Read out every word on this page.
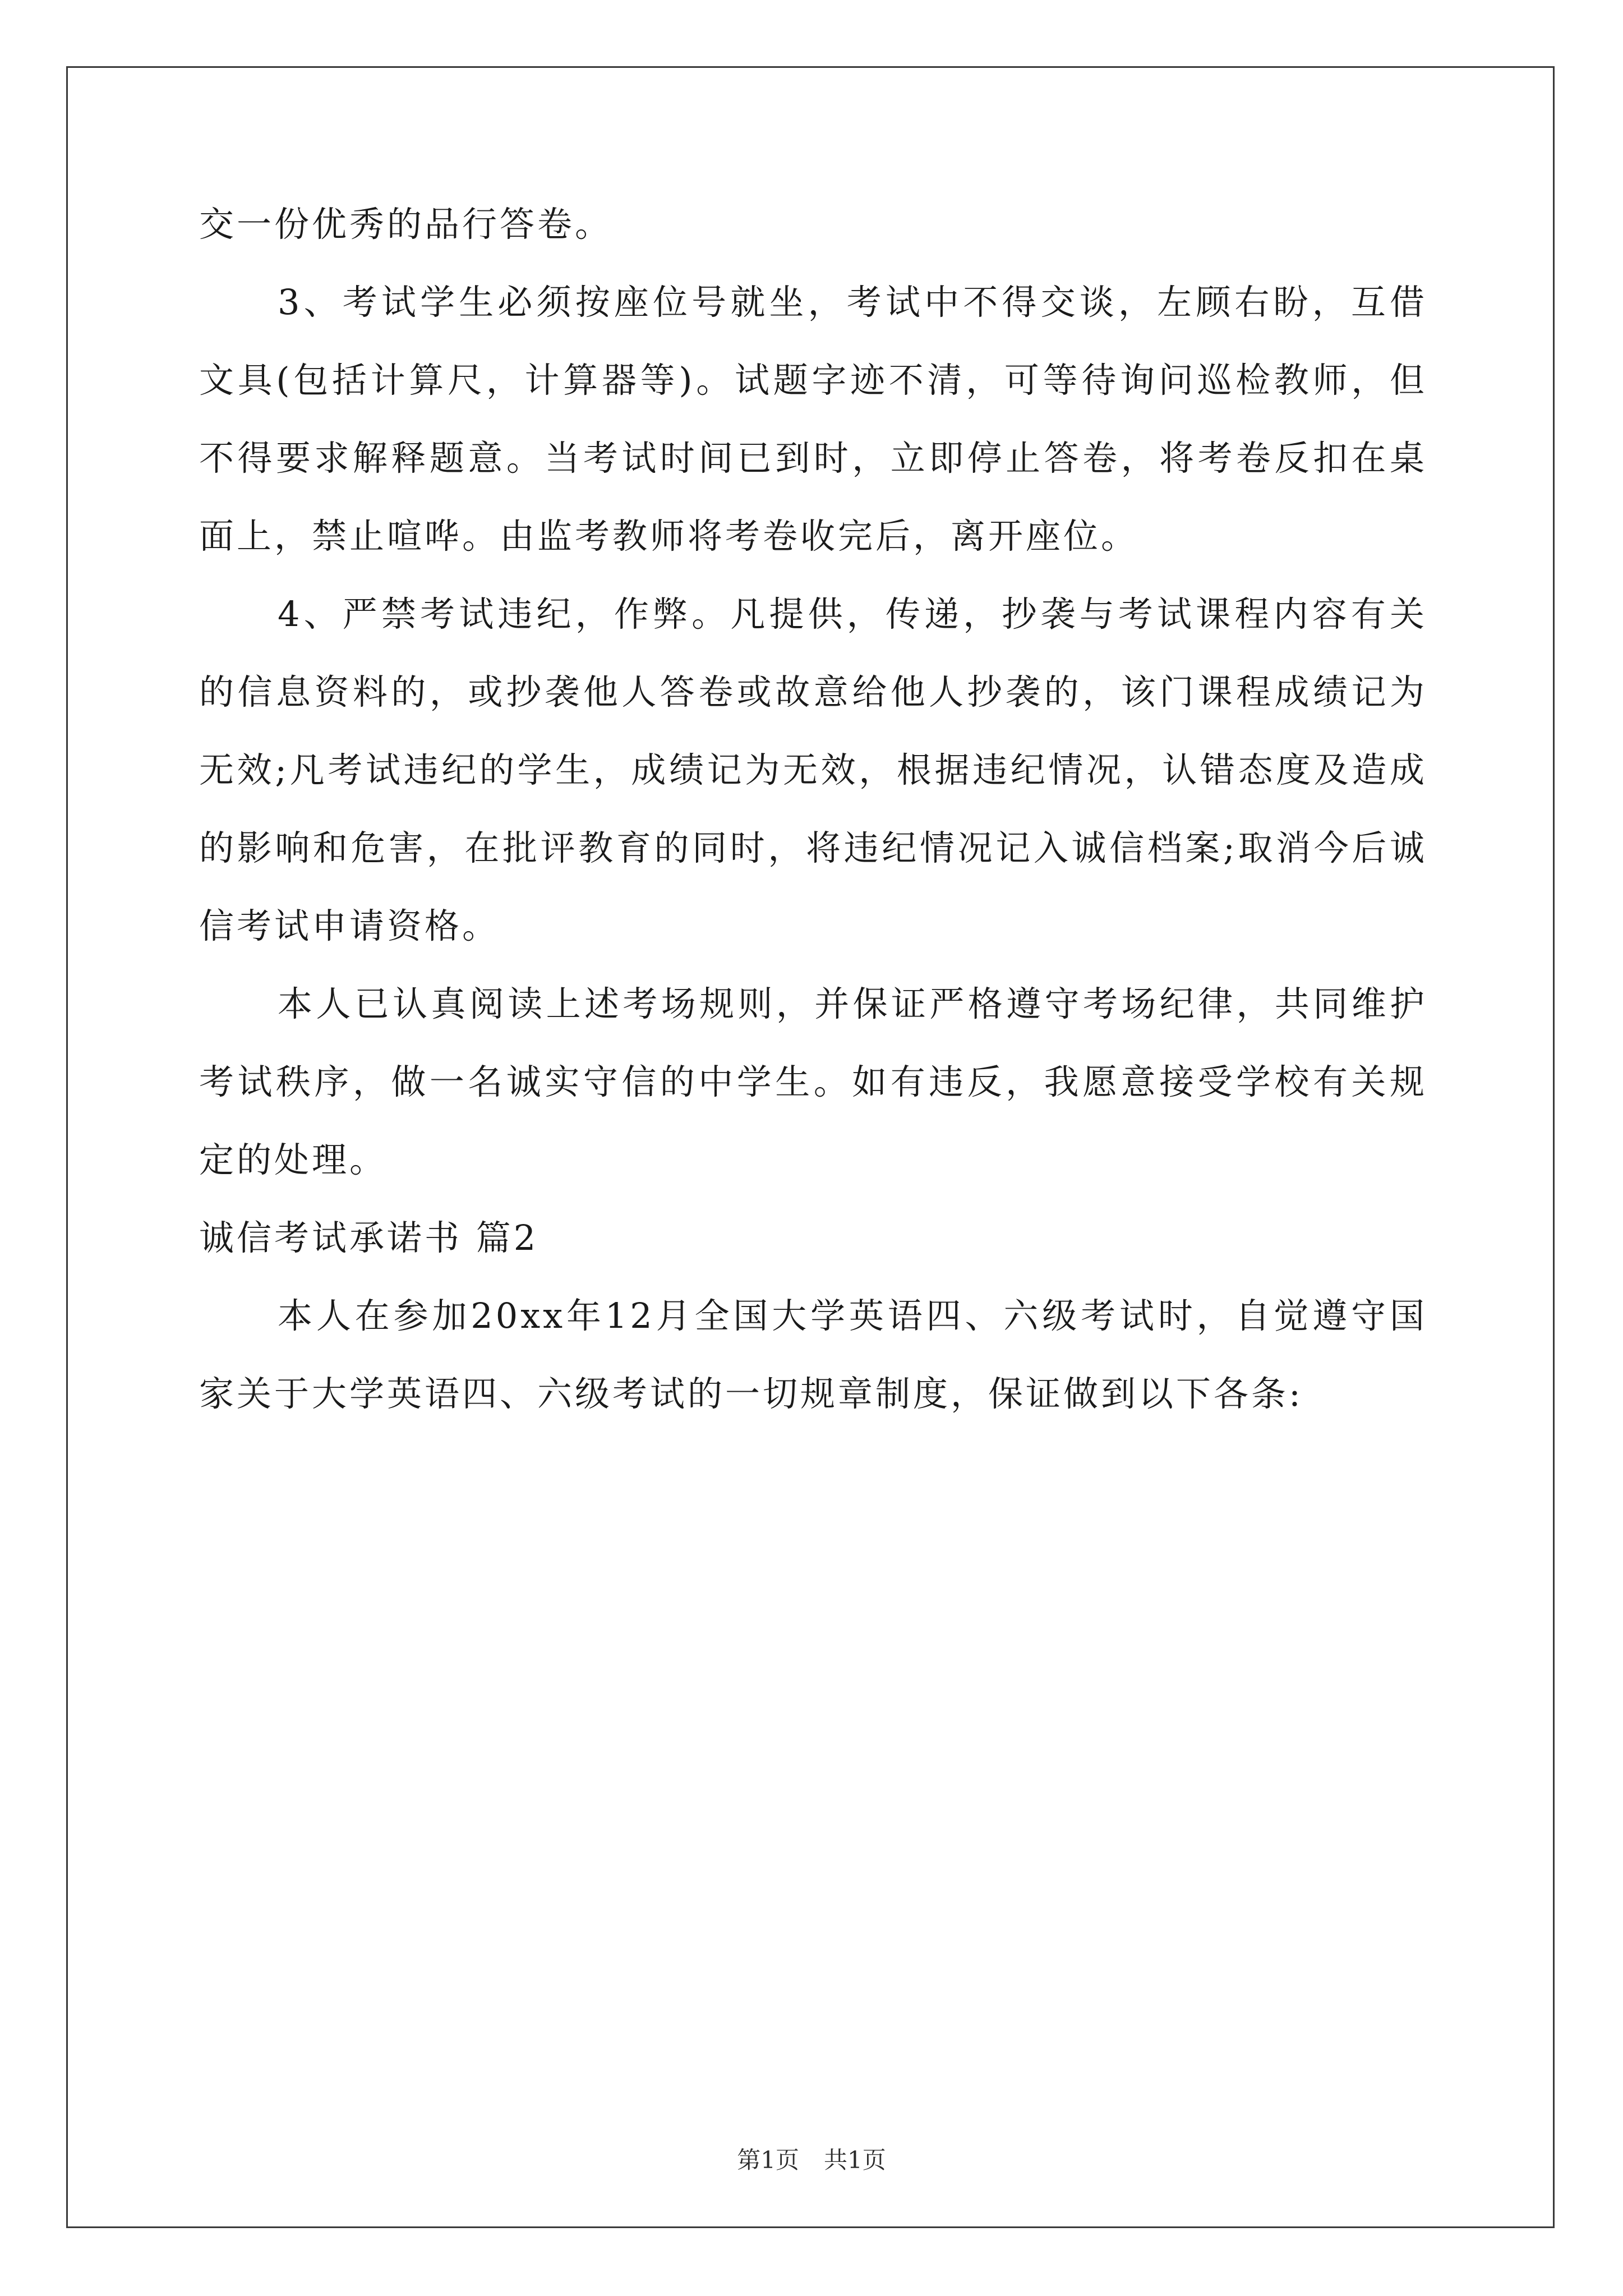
交一份优秀的品行答卷。

3、考试学生必须按座位号就坐，考试中不得交谈，左顾右盼，互借文具(包括计算尺，计算器等)。试题字迹不清，可等待询问巡检教师，但不得要求解释题意。当考试时间已到时，立即停止答卷，将考卷反扣在桌面上，禁止喧哗。由监考教师将考卷收完后，离开座位。

4、严禁考试违纪，作弊。凡提供，传递，抄袭与考试课程内容有关的信息资料的，或抄袭他人答卷或故意给他人抄袭的，该门课程成绩记为无效;凡考试违纪的学生，成绩记为无效，根据违纪情况，认错态度及造成的影响和危害，在批评教育的同时，将违纪情况记入诚信档案;取消今后诚信考试申请资格。

本人已认真阅读上述考场规则，并保证严格遵守考场纪律，共同维护考试秩序，做一名诚实守信的中学生。如有违反，我愿意接受学校有关规定的处理。

诚信考试承诺书 篇2

本人在参加20xx年12月全国大学英语四、六级考试时，自觉遵守国家关于大学英语四、六级考试的一切规章制度，保证做到以下各条:

第1页 共1页
